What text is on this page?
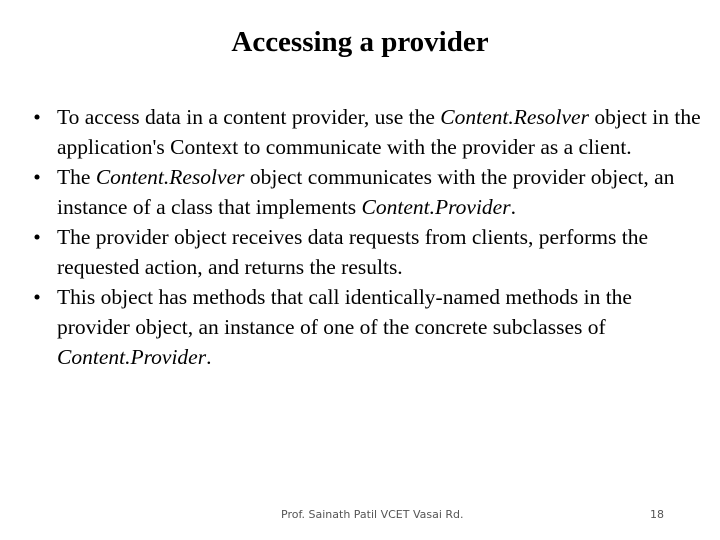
Accessing a provider
• To access data in a content provider, use the Content.Resolver object in the application's Context to communicate with the provider as a client.
• The Content.Resolver object communicates with the provider object, an instance of a class that implements Content.Provider.
• The provider object receives data requests from clients, performs the requested action, and returns the results.
• This object has methods that call identically-named methods in the provider object, an instance of one of the concrete subclasses of Content.Provider.
Prof. Sainath Patil VCET Vasai Rd.	18
